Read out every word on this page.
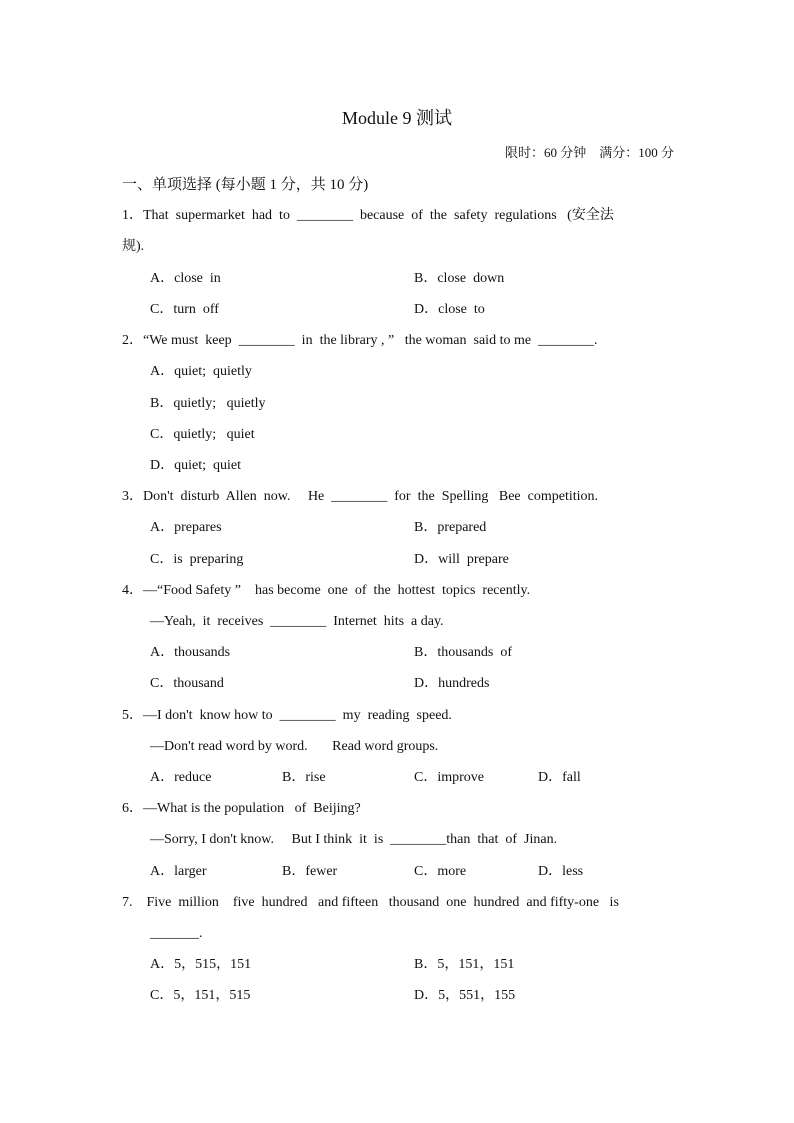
Module 9 测试
限时：60 分钟    满分：100 分
一、单项选择 (每小题 1 分，共 10 分)
1．That  supermarket  had  to  ________  because  of  the  safety  regulations   (安全法
规).
A．close  in	B．close  down
C．turn  off	D．close  to
2．“We must  keep  ________  in  the library , ”   the woman  said to me  ________.
A．quiet;  quietly
B．quietly;   quietly
C．quietly;   quiet
D．quiet;  quiet
3．Don't  disturb  Allen  now.     He  ________  for  the  Spelling   Bee  competition.
A．prepares	B．prepared
C．is  preparing	D．will  prepare
4．—“Food Safety ”    has become  one  of  the  hottest  topics  recently.
—Yeah,  it  receives  ________  Internet  hits  a day.
A．thousands	B．thousands  of
C．thousand	D．hundreds
5．—I don't  know how to  ________  my  reading  speed.
—Don't read word by word.       Read word groups.
A．reduce	B．rise	C．improve	D．fall
6．—What is the population   of  Beijing?
—Sorry, I don't know.     But I think  it  is  ________than  that  of  Jinan.
A．larger	B．fewer	C．more	D．less
7.    Five  million    five  hundred   and fifteen   thousand  one  hundred  and fifty-one   is
_______.
A．5，515，151	B．5，151，151
C．5，151，515	D．5，551，155
